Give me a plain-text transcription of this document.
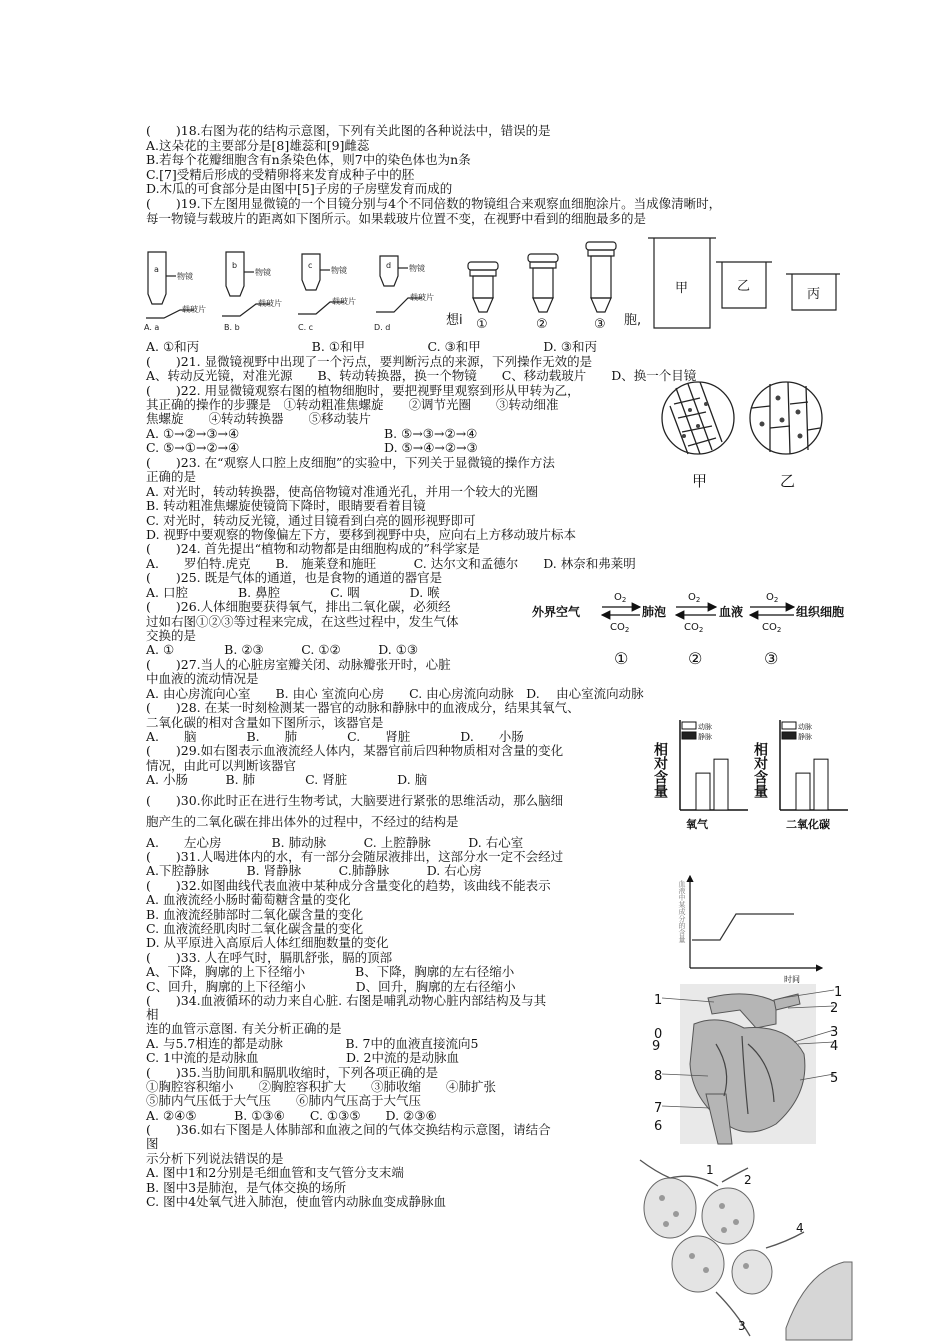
(　　)18.右图为花的结构示意图，下列有关此图的各种说法中，错误的是
A.这朵花的主要部分是[8]雄蕊和[9]雌蕊
B.若每个花瓣细胞含有n条染色体，则7中的染色体也为n条
C.[7]受精后形成的受精卵将来发育成种子中的胚
D.木瓜的可食部分是由图中[5]子房的子房壁发育而成的
(　　)19.下左图用显微镜的一个目镜分别与4个不同倍数的物镜组合来观察血细胞涂片。当成像清晰时，
每一物镜与载玻片的距离如下图所示。如果载玻片位置不变，在视野中看到的细胞最多的是
A. ①和丙　　　　　　　　　B. ①和甲　　　　　C. ③和甲　　　　　D. ③和丙
(　　)21. 显微镜视野中出现了一个污点，要判断污点的来源，下列操作无效的是
A、转动反光镜，对准光源　　B、转动转换器，换一个物镜　　C、移动载玻片　　D、换一个目镜
(　　)22. 用显微镜观察右图的植物细胞时，要把视野里观察到形从甲转为乙，
其正确的操作的步骤是　①转动粗准焦螺旋　　②调节光圈　　③转动细准
焦螺旋　　④转动转换器　　⑤移动装片
A. ①→②→③→④	B. ⑤→③→②→④
C. ⑤→①→②→④	D. ⑤→④→②→③
(　　)23. 在“观察人口腔上皮细胞”的实验中，下列关于显微镜的操作方法
正确的是
A. 对光时，转动转换器，使高倍物镜对准通光孔，并用一个较大的光圈
B. 转动粗准焦螺旋使镜筒下降时，眼睛要看着目镜
C. 对光时，转动反光镜，通过目镜看到白亮的圆形视野即可
D. 视野中要观察的物像偏左下方，要移到视野中央，应向右上方移动玻片标本
(　　)24. 首先提出“植物和动物都是由细胞构成的”科学家是
A.　　罗伯特.虎克　　B.　施莱登和施旺　　　C. 达尔文和孟德尔　　D. 林奈和弗莱明
(　　)25. 既是气体的通道，也是食物的通道的器官是
A. 口腔　　　　B. 鼻腔　　　　C. 咽　　　　D. 喉
(　　)26.人体细胞要获得氧气，排出二氧化碳，必须经
过如右图①②③等过程来完成，在这些过程中，发生气体
交换的是
A. ①　　　　B. ②③　　　C. ①②　　　D. ①③
(　　)27.当人的心脏房室瓣关闭、动脉瓣张开时，心脏
中血液的流动情况是
A. 由心房流向心室　　B. 由心 室流向心房　　C. 由心房流向动脉　D.　 由心室流向动脉
(　　)28. 在某一时刻检测某一器官的动脉和静脉中的血液成分，结果其氧气、
二氧化碳的相对含量如下图所示，该器官是
A.　　脑　　　　B.　　肺　　　　C.　　肾脏　　　　D.　　小肠
(　　)29.如右图表示血液流经人体内，某器官前后四种物质相对含量的变化
情况，由此可以判断该器官
A. 小肠　　　B. 肺　　　　C. 肾脏　　　　D. 脑
(　　)30.你此时正在进行生物考试，大脑要进行紧张的思维活动，那么脑细
胞产生的二氧化碳在排出体外的过程中，不经过的结构是
A.　　左心房　　　　B. 肺动脉　　　C. 上腔静脉　　　D. 右心室
(　　)31.人喝进体内的水，有一部分会随尿液排出，这部分水一定不会经过
A.下腔静脉　　　B. 肾静脉　　　C.肺静脉　　　D. 右心房
(　　)32.如图曲线代表血液中某种成分含量变化的趋势，该曲线不能表示
A. 血液流经小肠时葡萄糖含量的变化
B. 血液流经肺部时二氧化碳含量的变化
C. 血液流经肌肉时二氧化碳含量的变化
D. 从平原进入高原后人体红细胞数量的变化
(　　)33. 人在呼气时，膈肌舒张，膈的顶部
A、下降，胸廓的上下径缩小　　　　B、下降，胸廓的左右径缩小
C、回升，胸廓的上下径缩小　　　　D、回升，胸廓的左右径缩小
(　　)34.血液循环的动力来自心脏. 右图是哺乳动物心脏内部结构及与其
相
连的血管示意图. 有关分析正确的是
A. 与5.7相连的都是动脉　　　　　B. 7中的血液直接流向5
C. 1中流的是动脉血　　　　　　　D. 2中流的是动脉血
(　　)35.当肋间肌和膈肌收缩时，下列各项正确的是
①胸腔容积缩小　　②胸腔容积扩大　　③肺收缩　　④肺扩张
⑤肺内气压低于大气压　　⑥肺内气压高于大气压
A. ②④⑤　　　B. ①③⑥　　C. ①③⑤　　D. ②③⑥
(　　)36.如右下图是人体肺部和血液之间的气体交换结构示意图，请结合
图
示分析下列说法错误的是
A. 图中1和2分别是毛细血管和支气管分支末端
B. 图中3是肺泡，是气体交换的场所
C. 图中4处氧气进入肺泡，使血管内动脉血变成静脉血
a	b	c	d
物镜	物镜	物镜	物镜
载玻片
载玻片	载玻片	载玻片
A. a	B. b	C. c	D. d	想i ①	②	③ 胞,
甲	乙
丙
甲	乙
外界空气	肺泡	血液	组织细胞
$O_2$	$O_2$	$O_2$
$CO_2$	$CO_2$	$CO_2$
①	②	③
相对含量
动脉
静脉
氧气
相对含量
动脉
静脉
二氧化碳
血液中某成分的含量
时间
1
2
0	3
9	4
8	5
7
6
1
1
2
4
3
